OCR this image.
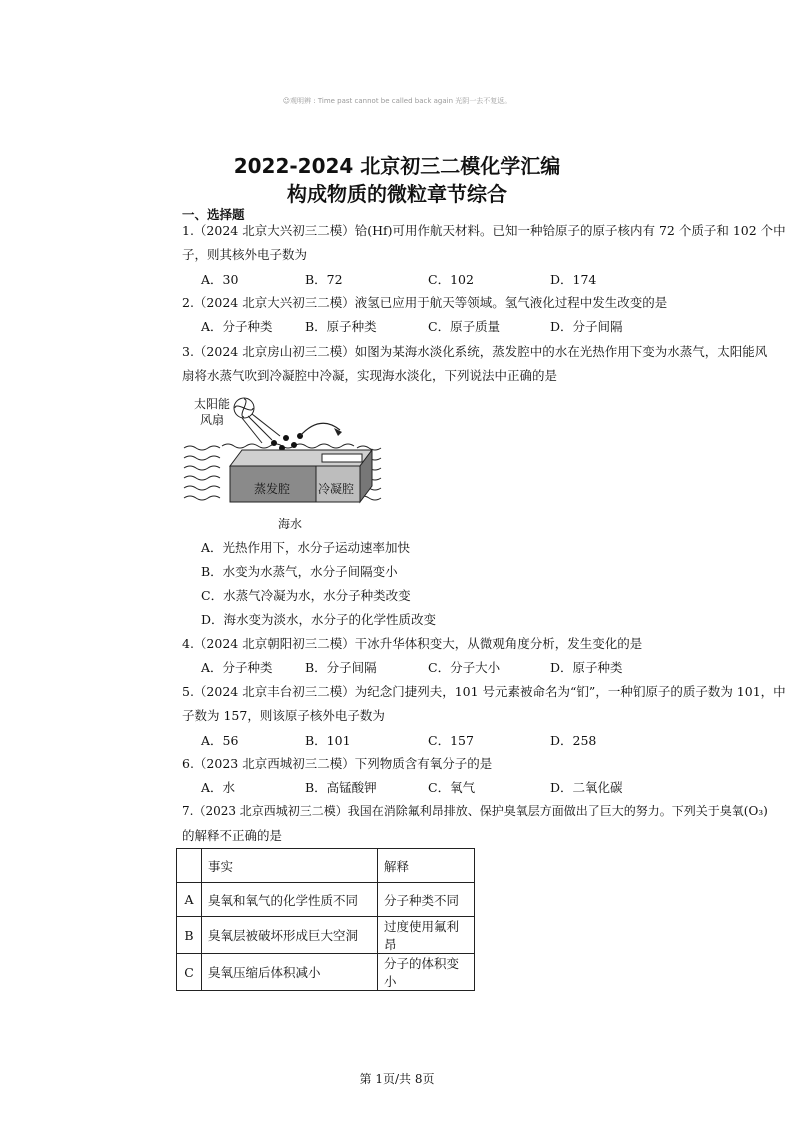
☺观明辨 : Time past cannot be called back again 光阴一去不复返。
2022-2024 北京初三二模化学汇编
构成物质的微粒章节综合
一、选择题
1.（2024 北京大兴初三二模）铪(Hf)可用作航天材料。已知一种铪原子的原子核内有 72 个质子和 102 个中
子，则其核外电子数为
A．30	B．72	C．102	D．174
2.（2024 北京大兴初三二模）液氢已应用于航天等领域。氢气液化过程中发生改变的是
A．分子种类	B．原子种类	C．原子质量	D．分子间隔
3.（2024 北京房山初三二模）如图为某海水淡化系统，蒸发腔中的水在光热作用下变为水蒸气，太阳能风
扇将水蒸气吹到冷凝腔中冷凝，实现海水淡化，下列说法中正确的是
太阳能
风扇
蒸发腔 冷凝腔
海水
A．光热作用下，水分子运动速率加快
B．水变为水蒸气，水分子间隔变小
C．水蒸气冷凝为水，水分子种类改变
D．海水变为淡水，水分子的化学性质改变
4.（2024 北京朝阳初三二模）干冰升华体积变大，从微观角度分析，发生变化的是
A．分子种类	B．分子间隔	C．分子大小	D．原子种类
5.（2024 北京丰台初三二模）为纪念门捷列夫，101 号元素被命名为“钔”，一种钔原子的质子数为 101，中
子数为 157，则该原子核外电子数为
A．56	B．101	C．157	D．258
6.（2023 北京西城初三二模）下列物质含有氧分子的是
A．水	B．高锰酸钾	C．氧气	D．二氧化碳
7.（2023 北京西城初三二模）我国在消除氟利昂排放、保护臭氧层方面做出了巨大的努力。下列关于臭氧(O₃)
的解释不正确的是
	事实	解释
A	臭氧和氧气的化学性质不同	分子种类不同
B	臭氧层被破坏形成巨大空洞	过度使用氟利昂
C	臭氧压缩后体积减小	分子的体积变小
第 1页/共 8页
